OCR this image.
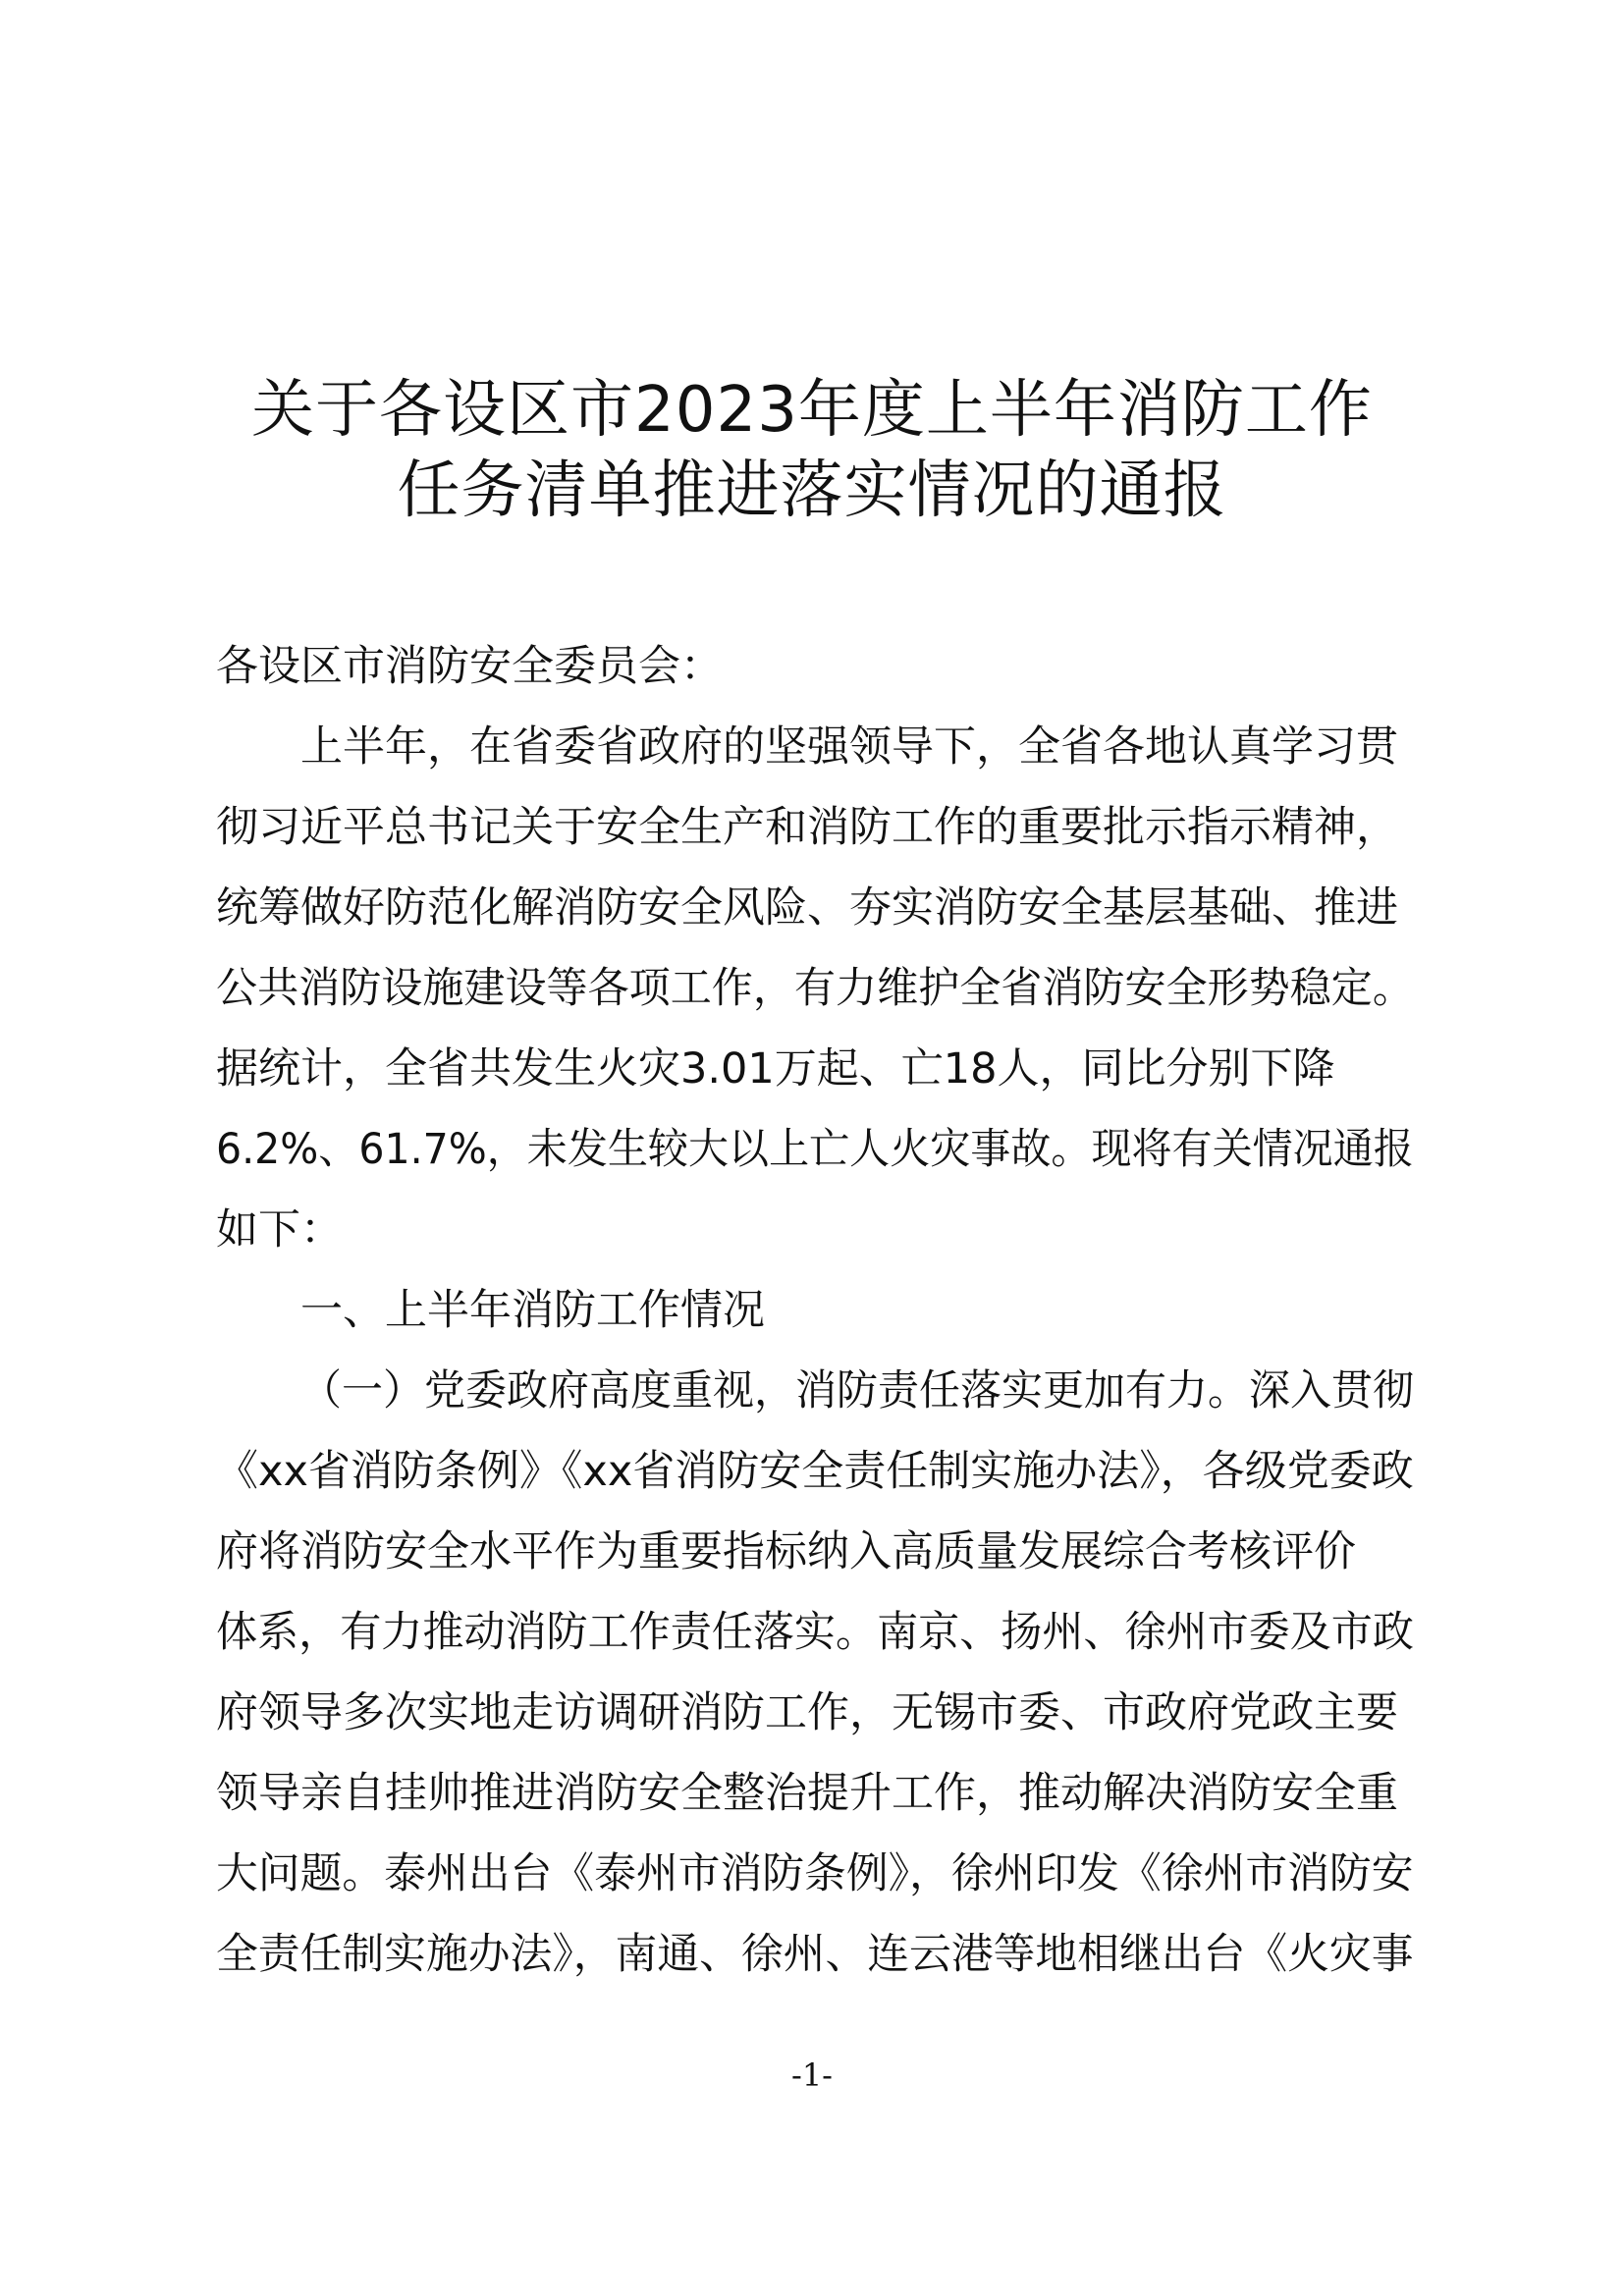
关于各设区市2023年度上半年消防工作
任务清单推进落实情况的通报
各设区市消防安全委员会：
上半年，在省委省政府的坚强领导下，全省各地认真学习贯
彻习近平总书记关于安全生产和消防工作的重要批示指示精神，
统筹做好防范化解消防安全风险、夯实消防安全基层基础、推进
公共消防设施建设等各项工作，有力维护全省消防安全形势稳定。
据统计，全省共发生火灾3.01万起、亡18人，同比分别下降
6.2%、61.7%，未发生较大以上亡人火灾事故。现将有关情况通报
如下：
一、上半年消防工作情况
（一）党委政府高度重视，消防责任落实更加有力。深入贯彻
《xx省消防条例》《xx省消防安全责任制实施办法》，各级党委政
府将消防安全水平作为重要指标纳入高质量发展综合考核评价
体系，有力推动消防工作责任落实。南京、扬州、徐州市委及市政
府领导多次实地走访调研消防工作，无锡市委、市政府党政主要
领导亲自挂帅推进消防安全整治提升工作，推动解决消防安全重
大问题。泰州出台《泰州市消防条例》，徐州印发《徐州市消防安
全责任制实施办法》，南通、徐州、连云港等地相继出台《火灾事
-1-
